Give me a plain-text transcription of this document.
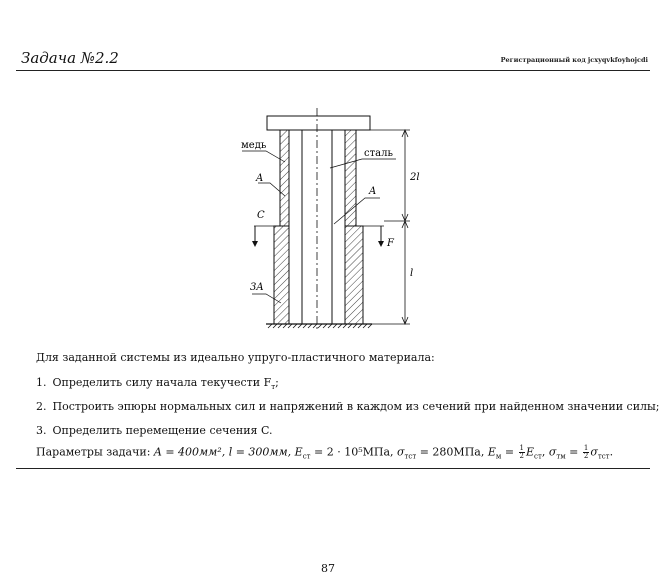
Задача №2.2	Регистрационный код jcxyqvkfoyhojcdi
медь
A
C
3A
сталь
A
F
2l
l
Для заданной системы из идеально упруго-пластичного материала:
1. Определить силу начала текучести $F_т$;
2. Построить эпюры нормальных сил и напряжений в каждом из сечений при найденном значении силы;
3. Определить перемещение сечения C.
Параметры задачи: A = 400мм², l = 300мм, $E_{ст} = 2 \cdot 10^5МПа$, $\sigma_{тст} = 280МПа$, $E_м = \frac{1}{2} E_{ст}$, $\sigma_{тм} = \frac{1}{2} \sigma_{тст}$.
87
